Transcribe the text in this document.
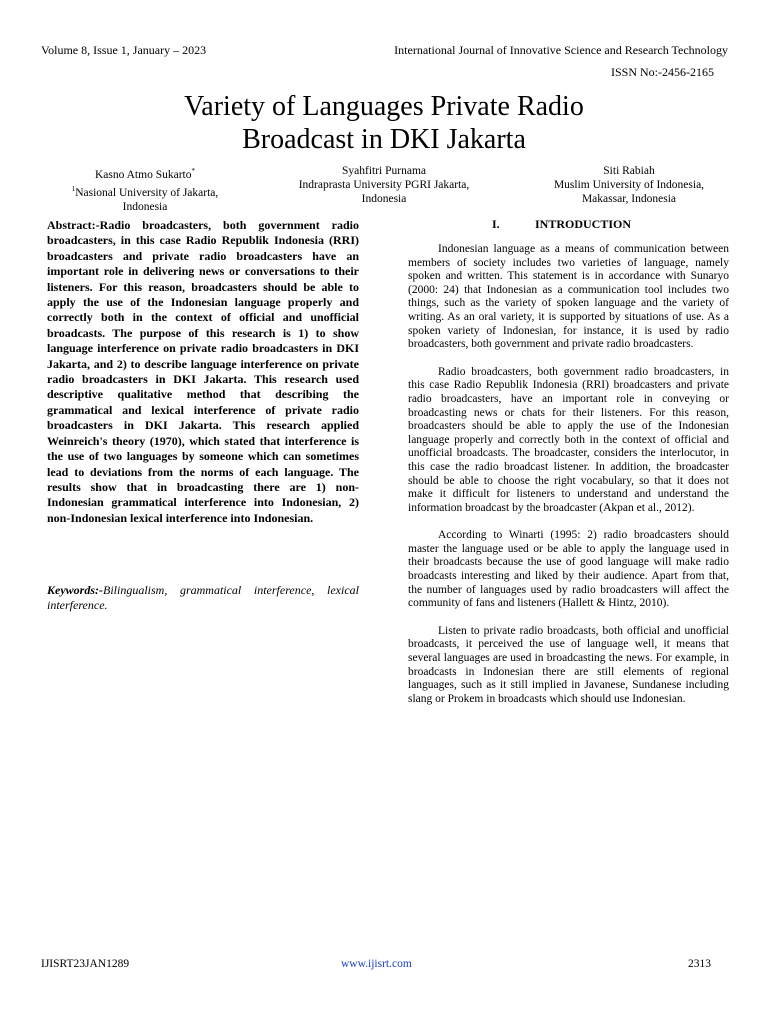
Volume 8, Issue 1, January – 2023	International Journal of Innovative Science and Research Technology
ISSN No:-2456-2165
Variety of Languages Private Radio
Broadcast in DKI Jakarta
Kasno Atmo Sukarto*
$^1$Nasional University of Jakarta,
Indonesia
Syahfitri Purnama
Indraprasta University PGRI Jakarta,
Indonesia
Siti Rabiah
Muslim University of Indonesia,
Makassar, Indonesia
Abstract:-Radio broadcasters, both government radio broadcasters, in this case Radio Republik Indonesia (RRI) broadcasters and private radio broadcasters have an important role in delivering news or conversations to their listeners. For this reason, broadcasters should be able to apply the use of the Indonesian language properly and correctly both in the context of official and unofficial broadcasts. The purpose of this research is 1) to show language interference on private radio broadcasters in DKI Jakarta, and 2) to describe language interference on private radio broadcasters in DKI Jakarta. This research used descriptive qualitative method that describing the grammatical and lexical interference of private radio broadcasters in DKI Jakarta. This research applied Weinreich's theory (1970), which stated that interference is the use of two languages by someone which can sometimes lead to deviations from the norms of each language. The results show that in broadcasting there are 1) non-Indonesian grammatical interference into Indonesian, 2) non-Indonesian lexical interference into Indonesian.
Keywords:-Bilingualism, grammatical interference, lexical interference.
I.	INTRODUCTION

Indonesian language as a means of communication between members of society includes two varieties of language, namely spoken and written. This statement is in accordance with Sunaryo (2000: 24) that Indonesian as a communication tool includes two things, such as the variety of spoken language and the variety of writing. As an oral variety, it is supported by situations of use. As a spoken variety of Indonesian, for instance, it is used by radio broadcasters, both government and private radio broadcasters.

Radio broadcasters, both government radio broadcasters, in this case Radio Republik Indonesia (RRI) broadcasters and private radio broadcasters, have an important role in conveying or broadcasting news or chats for their listeners. For this reason, broadcasters should be able to apply the use of the Indonesian language properly and correctly both in the context of official and unofficial broadcasts. The broadcaster, considers the interlocutor, in this case the radio broadcast listener. In addition, the broadcaster should be able to choose the right vocabulary, so that it does not make it difficult for listeners to understand and understand the information broadcast by the broadcaster (Akpan et al., 2012).

According to Winarti (1995: 2) radio broadcasters should master the language used or be able to apply the language used in their broadcasts because the use of good language will make radio broadcasts interesting and liked by their audience. Apart from that, the number of languages used by radio broadcasters will affect the community of fans and listeners (Hallett & Hintz, 2010).

Listen to private radio broadcasts, both official and unofficial broadcasts, it perceived the use of language well, it means that several languages are used in broadcasting the news. For example, in broadcasts in Indonesian there are still elements of regional languages, such as it still implied in Javanese, Sundanese including slang or Prokem in broadcasts which should use Indonesian.

IJISRT23JAN1289	www.ijisrt.com	2313
